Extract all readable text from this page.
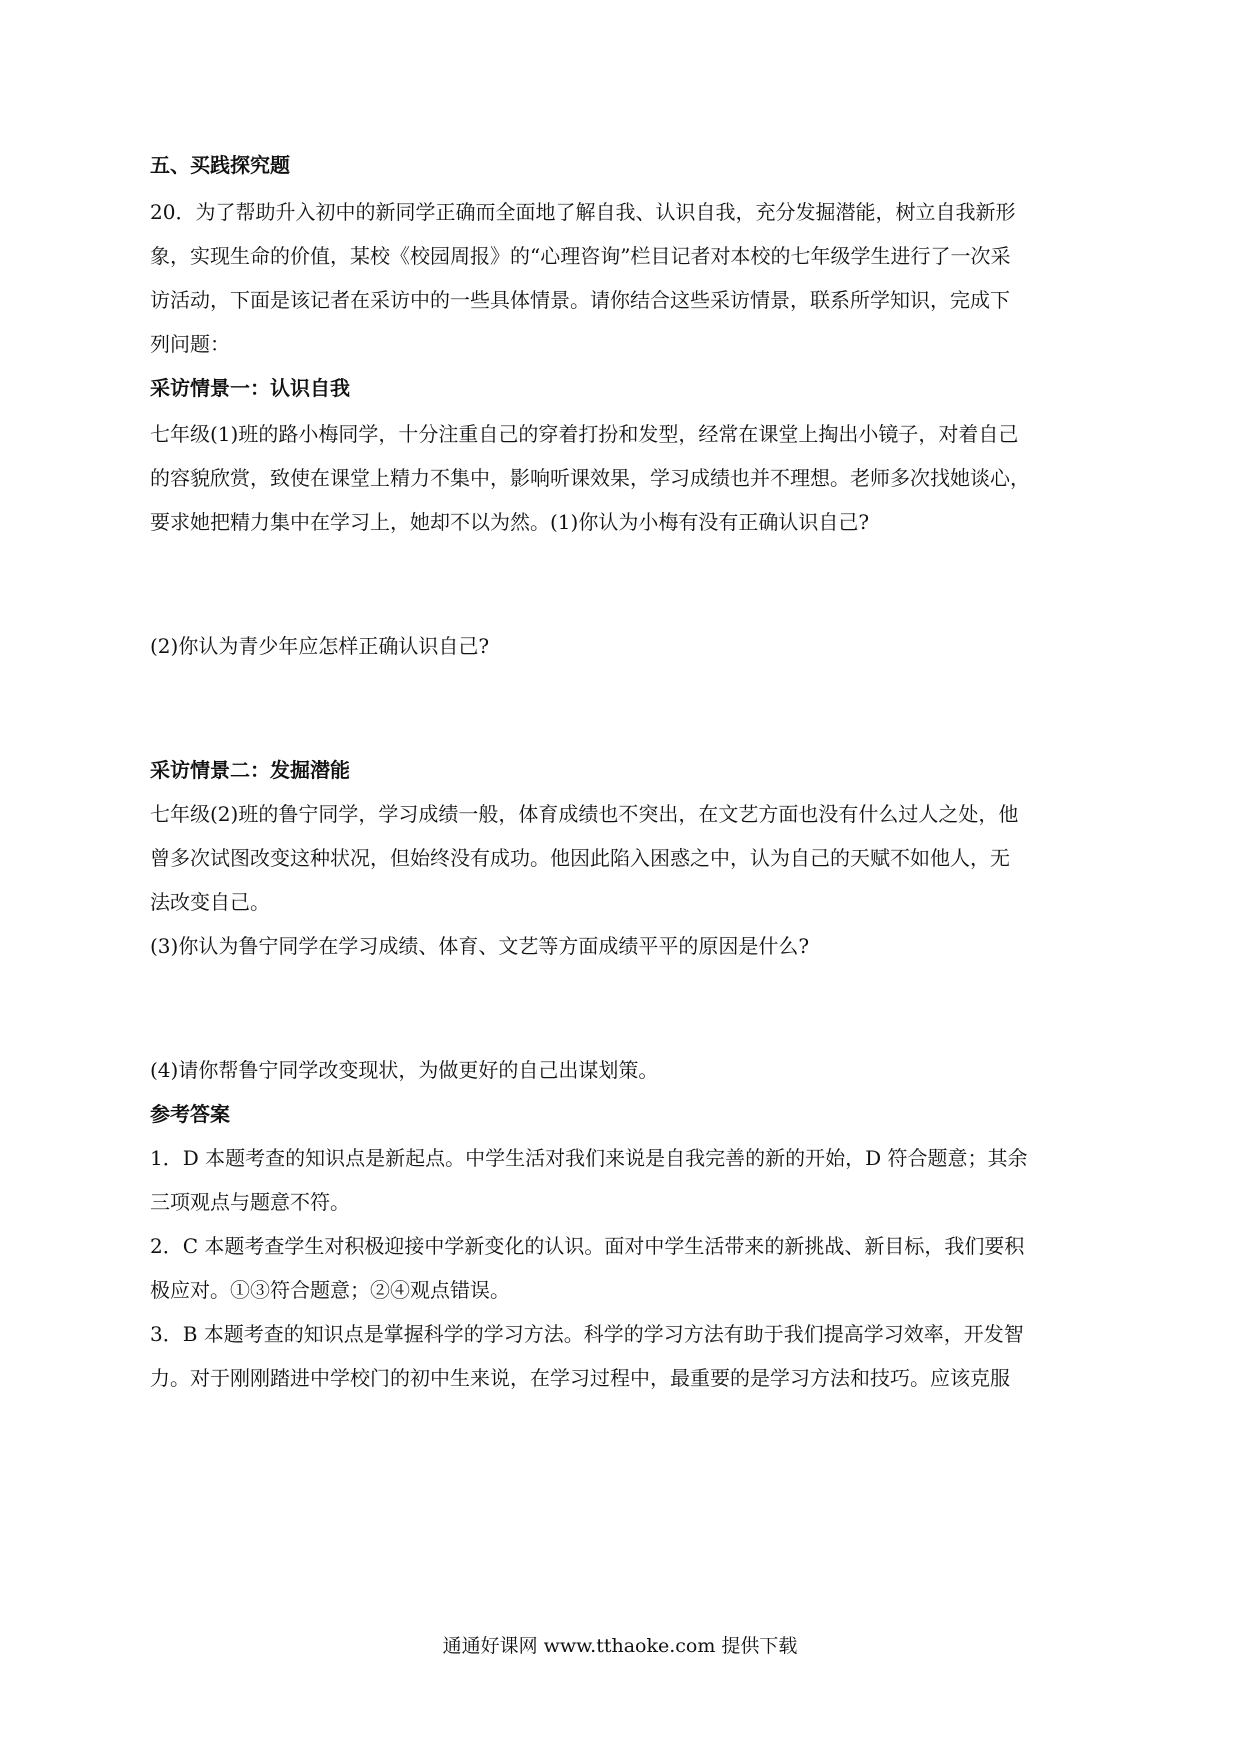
五、买践探究题
20．为了帮助升入初中的新同学正确而全面地了解自我、认识自我，充分发掘潜能，树立自我新形
象，实现生命的价值，某校《校园周报》的“心理咨询”栏目记者对本校的七年级学生进行了一次采
访活动，下面是该记者在采访中的一些具体情景。请你结合这些采访情景，联系所学知识，完成下
列问题：
采访情景一：认识自我
七年级(1)班的路小梅同学，十分注重自己的穿着打扮和发型，经常在课堂上掏出小镜子，对着自己
的容貌欣赏，致使在课堂上精力不集中，影响听课效果，学习成绩也并不理想。老师多次找她谈心，
要求她把精力集中在学习上，她却不以为然。(1)你认为小梅有没有正确认识自己?
(2)你认为青少年应怎样正确认识自己?
采访情景二：发掘潜能
七年级(2)班的鲁宁同学，学习成绩一般，体育成绩也不突出，在文艺方面也没有什么过人之处，他
曾多次试图改变这种状况，但始终没有成功。他因此陷入困惑之中，认为自己的天赋不如他人，无
法改变自己。
(3)你认为鲁宁同学在学习成绩、体育、文艺等方面成绩平平的原因是什么?
(4)请你帮鲁宁同学改变现状，为做更好的自己出谋划策。
参考答案
1．D 本题考查的知识点是新起点。中学生活对我们来说是自我完善的新的开始，D 符合题意；其余
三项观点与题意不符。
2．C 本题考查学生对积极迎接中学新变化的认识。面对中学生活带来的新挑战、新目标，我们要积
极应对。①③符合题意；②④观点错误。
3．B 本题考查的知识点是掌握科学的学习方法。科学的学习方法有助于我们提高学习效率，开发智
力。对于刚刚踏进中学校门的初中生来说，在学习过程中，最重要的是学习方法和技巧。应该克服
通通好课网 www.tthaoke.com 提供下载
